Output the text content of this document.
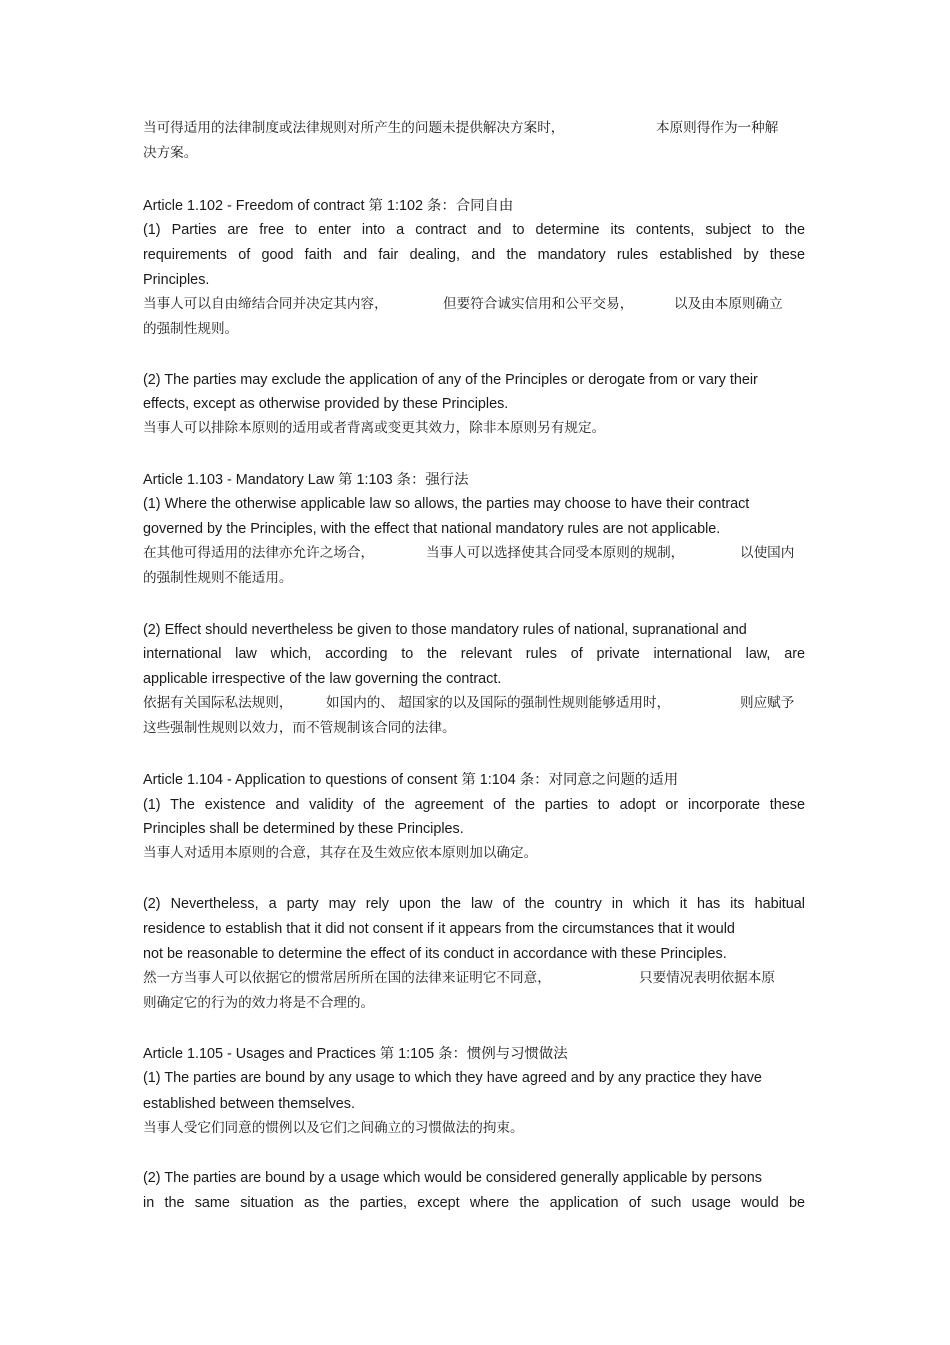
当可得适用的法律制度或法律规则对所产生的问题未提供解决方案时，	本原则得作为一种解
决方案。
Article 1.102 - Freedom of contract 第 1:102 条：合同自由
(1) Parties are free to enter into a contract and to determine its contents, subject to the
requirements of good faith and fair dealing, and the mandatory rules established by these
Principles.
当事人可以自由缔结合同并决定其内容，	但要符合诚实信用和公平交易，	以及由本原则确立
的强制性规则。
(2) The parties may exclude the application of any of the Principles or derogate from or vary their
effects, except as otherwise provided by these Principles.
当事人可以排除本原则的适用或者背离或变更其效力，除非本原则另有规定。
Article 1.103 - Mandatory Law 第 1:103 条：强行法
(1) Where the otherwise applicable law so allows, the parties may choose to have their contract
governed by the Principles, with the effect that national mandatory rules are not applicable.
在其他可得适用的法律亦允许之场合，	当事人可以选择使其合同受本原则的规制，	以使国内
的强制性规则不能适用。
(2) Effect should nevertheless be given to those mandatory rules of national, supranational and
international law which, according to the relevant rules of private international law, are
applicable irrespective of the law governing the contract.
依据有关国际私法规则， 如国内的、 超国家的以及国际的强制性规则能够适用时，	则应赋予
这些强制性规则以效力，而不管规制该合同的法律。
Article 1.104 - Application to questions of consent 第 1:104 条：对同意之问题的适用
(1) The existence and validity of the agreement of the parties to adopt or incorporate these
Principles shall be determined by these Principles.
当事人对适用本原则的合意，其存在及生效应依本原则加以确定。
(2) Nevertheless, a party may rely upon the law of the country in which it has its habitual
residence to establish that it did not consent if it appears from the circumstances that it would
not be reasonable to determine the effect of its conduct in accordance with these Principles.
然一方当事人可以依据它的惯常居所所在国的法律来证明它不同意，	只要情况表明依据本原
则确定它的行为的效力将是不合理的。
Article 1.105 - Usages and Practices 第 1:105 条：惯例与习惯做法
(1) The parties are bound by any usage to which they have agreed and by any practice they have
established between themselves.
当事人受它们同意的惯例以及它们之间确立的习惯做法的拘束。
(2) The parties are bound by a usage which would be considered generally applicable by persons
in the same situation as the parties, except where the application of such usage would be
